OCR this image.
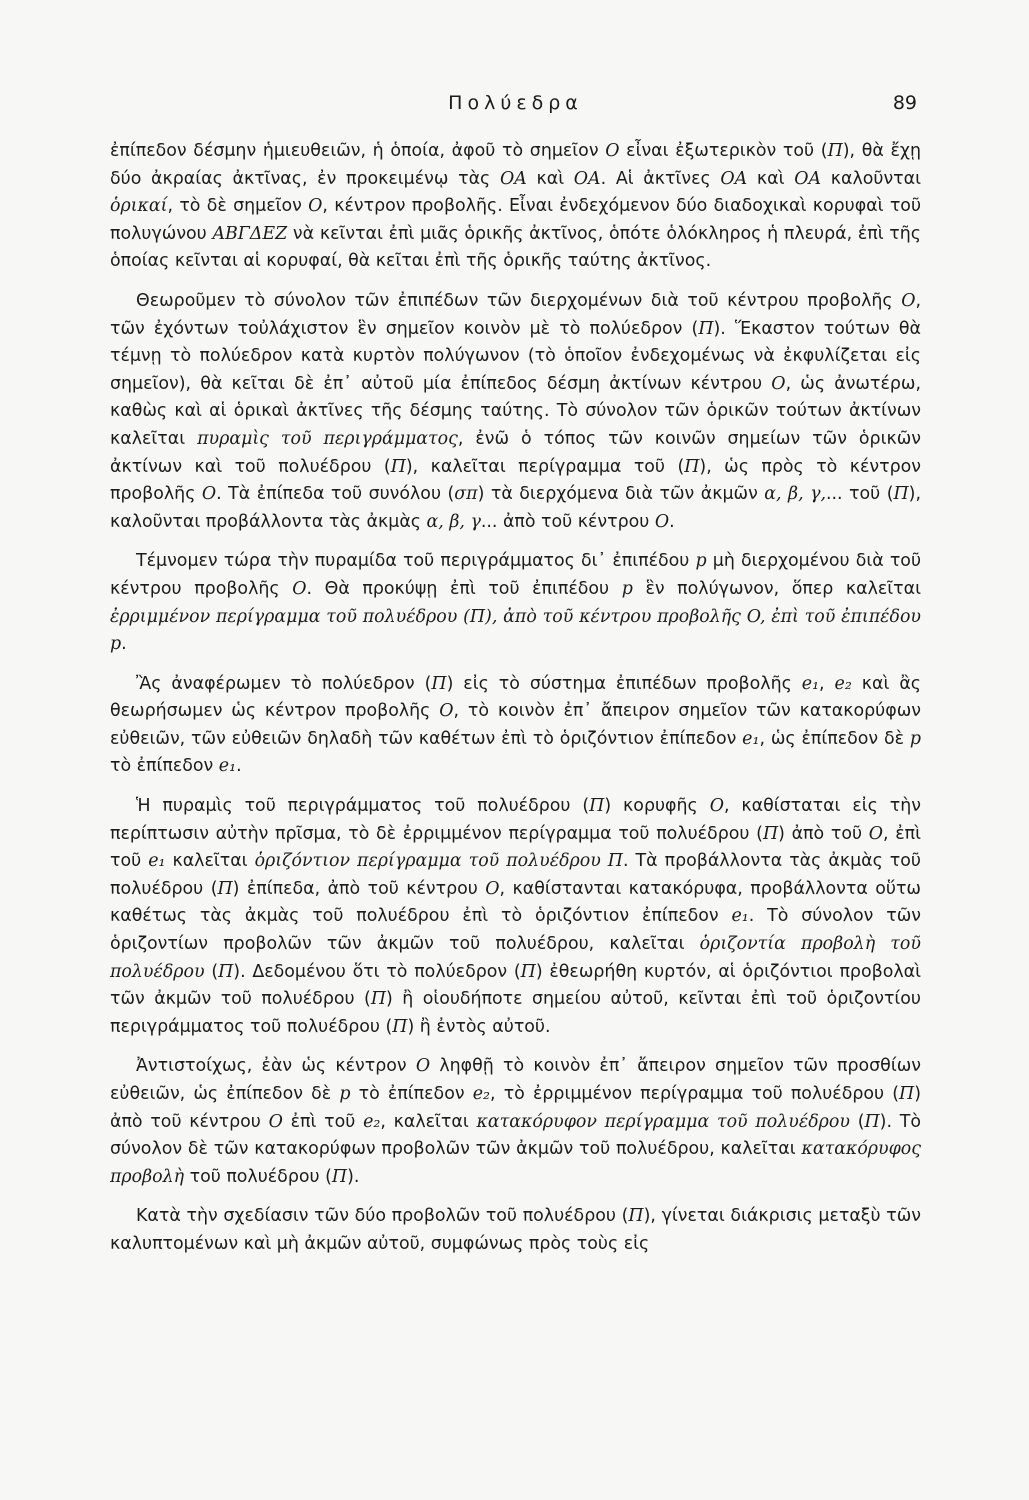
Πολύεδρα	89

ἐπίπεδον δέσμην ἡμιευθειῶν, ἡ ὁποία, ἀφοῦ τὸ σημεῖον O εἶναι ἐξωτερικὸν τοῦ (Π), θὰ ἔχῃ δύο ἀκραίας ἀκτῖνας, ἐν προκειμένῳ τὰς OA καὶ OA. Αἱ ἀκτῖνες OA καὶ OA καλοῦνται ὁρικαί, τὸ δὲ σημεῖον O, κέντρον προβολῆς. Εἶναι ἐνδεχόμενον δύο διαδοχικαὶ κορυφαὶ τοῦ πολυγώνου ΑΒΓΔΕΖ νὰ κεῖνται ἐπὶ μιᾶς ὁρικῆς ἀκτῖνος, ὁπότε ὁλόκληρος ἡ πλευρά, ἐπὶ τῆς ὁποίας κεῖνται αἱ κορυφαί, θὰ κεῖται ἐπὶ τῆς ὁρικῆς ταύτης ἀκτῖνος.

Θεωροῦμεν τὸ σύνολον τῶν ἐπιπέδων τῶν διερχομένων διὰ τοῦ κέντρου προβολῆς O, τῶν ἐχόντων τοὐλάχιστον ἓν σημεῖον κοινὸν μὲ τὸ πολύεδρον (Π). Ἕκαστον τούτων θὰ τέμνῃ τὸ πολύεδρον κατὰ κυρτὸν πολύγωνον (τὸ ὁποῖον ἐνδεχομένως νὰ ἐκφυλίζεται εἰς σημεῖον), θὰ κεῖται δὲ ἐπ᾽ αὐτοῦ μία ἐπίπεδος δέσμη ἀκτίνων κέντρου O, ὡς ἀνωτέρω, καθὼς καὶ αἱ ὁρικαὶ ἀκτῖνες τῆς δέσμης ταύτης. Τὸ σύνολον τῶν ὁρικῶν τούτων ἀκτίνων καλεῖται πυραμὶς τοῦ περιγράμματος, ἐνῶ ὁ τόπος τῶν κοινῶν σημείων τῶν ὁρικῶν ἀκτίνων καὶ τοῦ πολυέδρου (Π), καλεῖται περίγραμμα τοῦ (Π), ὡς πρὸς τὸ κέντρον προβολῆς O. Τὰ ἐπίπεδα τοῦ συνόλου (σπ) τὰ διερχόμενα διὰ τῶν ἀκμῶν α, β, γ,... τοῦ (Π), καλοῦνται προβάλλοντα τὰς ἀκμὰς α, β, γ... ἀπὸ τοῦ κέντρου O.

Τέμνομεν τώρα τὴν πυραμίδα τοῦ περιγράμματος δι᾽ ἐπιπέδου p μὴ διερχομένου διὰ τοῦ κέντρου προβολῆς O. Θὰ προκύψῃ ἐπὶ τοῦ ἐπιπέδου p ἓν πολύγωνον, ὅπερ καλεῖται ἐρριμμένον περίγραμμα τοῦ πολυέδρου (Π), ἀπὸ τοῦ κέντρου προβολῆς O, ἐπὶ τοῦ ἐπιπέδου p.

Ἂς ἀναφέρωμεν τὸ πολύεδρον (Π) εἰς τὸ σύστημα ἐπιπέδων προβολῆς e₁, e₂ καὶ ἂς θεωρήσωμεν ὡς κέντρον προβολῆς O, τὸ κοινὸν ἐπ᾽ ἄπειρον σημεῖον τῶν κατακορύφων εὐθειῶν, τῶν εὐθειῶν δηλαδὴ τῶν καθέτων ἐπὶ τὸ ὁριζόντιον ἐπίπεδον e₁, ὡς ἐπίπεδον δὲ p τὸ ἐπίπεδον e₁.

Ἡ πυραμὶς τοῦ περιγράμματος τοῦ πολυέδρου (Π) κορυφῆς O, καθίσταται εἰς τὴν περίπτωσιν αὐτὴν πρῖσμα, τὸ δὲ ἐρριμμένον περίγραμμα τοῦ πολυέδρου (Π) ἀπὸ τοῦ O, ἐπὶ τοῦ e₁ καλεῖται ὁριζόντιον περίγραμμα τοῦ πολυέδρου Π. Τὰ προβάλλοντα τὰς ἀκμὰς τοῦ πολυέδρου (Π) ἐπίπεδα, ἀπὸ τοῦ κέντρου O, καθίστανται κατακόρυφα, προβάλλοντα οὕτω καθέτως τὰς ἀκμὰς τοῦ πολυέδρου ἐπὶ τὸ ὁριζόντιον ἐπίπεδον e₁. Τὸ σύνολον τῶν ὁριζοντίων προβολῶν τῶν ἀκμῶν τοῦ πολυέδρου, καλεῖται ὁριζοντία προβολὴ τοῦ πολυέδρου (Π). Δεδομένου ὅτι τὸ πολύεδρον (Π) ἐθεωρήθη κυρτόν, αἱ ὁριζόντιοι προβολαὶ τῶν ἀκμῶν τοῦ πολυέδρου (Π) ἢ οἱουδήποτε σημείου αὐτοῦ, κεῖνται ἐπὶ τοῦ ὁριζοντίου περιγράμματος τοῦ πολυέδρου (Π) ἢ ἐντὸς αὐτοῦ.

Ἀντιστοίχως, ἐὰν ὡς κέντρον O ληφθῇ τὸ κοινὸν ἐπ᾽ ἄπειρον σημεῖον τῶν προσθίων εὐθειῶν, ὡς ἐπίπεδον δὲ p τὸ ἐπίπεδον e₂, τὸ ἐρριμμένον περίγραμμα τοῦ πολυέδρου (Π) ἀπὸ τοῦ κέντρου O ἐπὶ τοῦ e₂, καλεῖται κατακόρυφον περίγραμμα τοῦ πολυέδρου (Π). Τὸ σύνολον δὲ τῶν κατακορύφων προβολῶν τῶν ἀκμῶν τοῦ πολυέδρου, καλεῖται κατακόρυφος προβολὴ τοῦ πολυέδρου (Π).

Κατὰ τὴν σχεδίασιν τῶν δύο προβολῶν τοῦ πολυέδρου (Π), γίνεται διάκρισις μεταξὺ τῶν καλυπτομένων καὶ μὴ ἀκμῶν αὐτοῦ, συμφώνως πρὸς τοὺς εἰς
